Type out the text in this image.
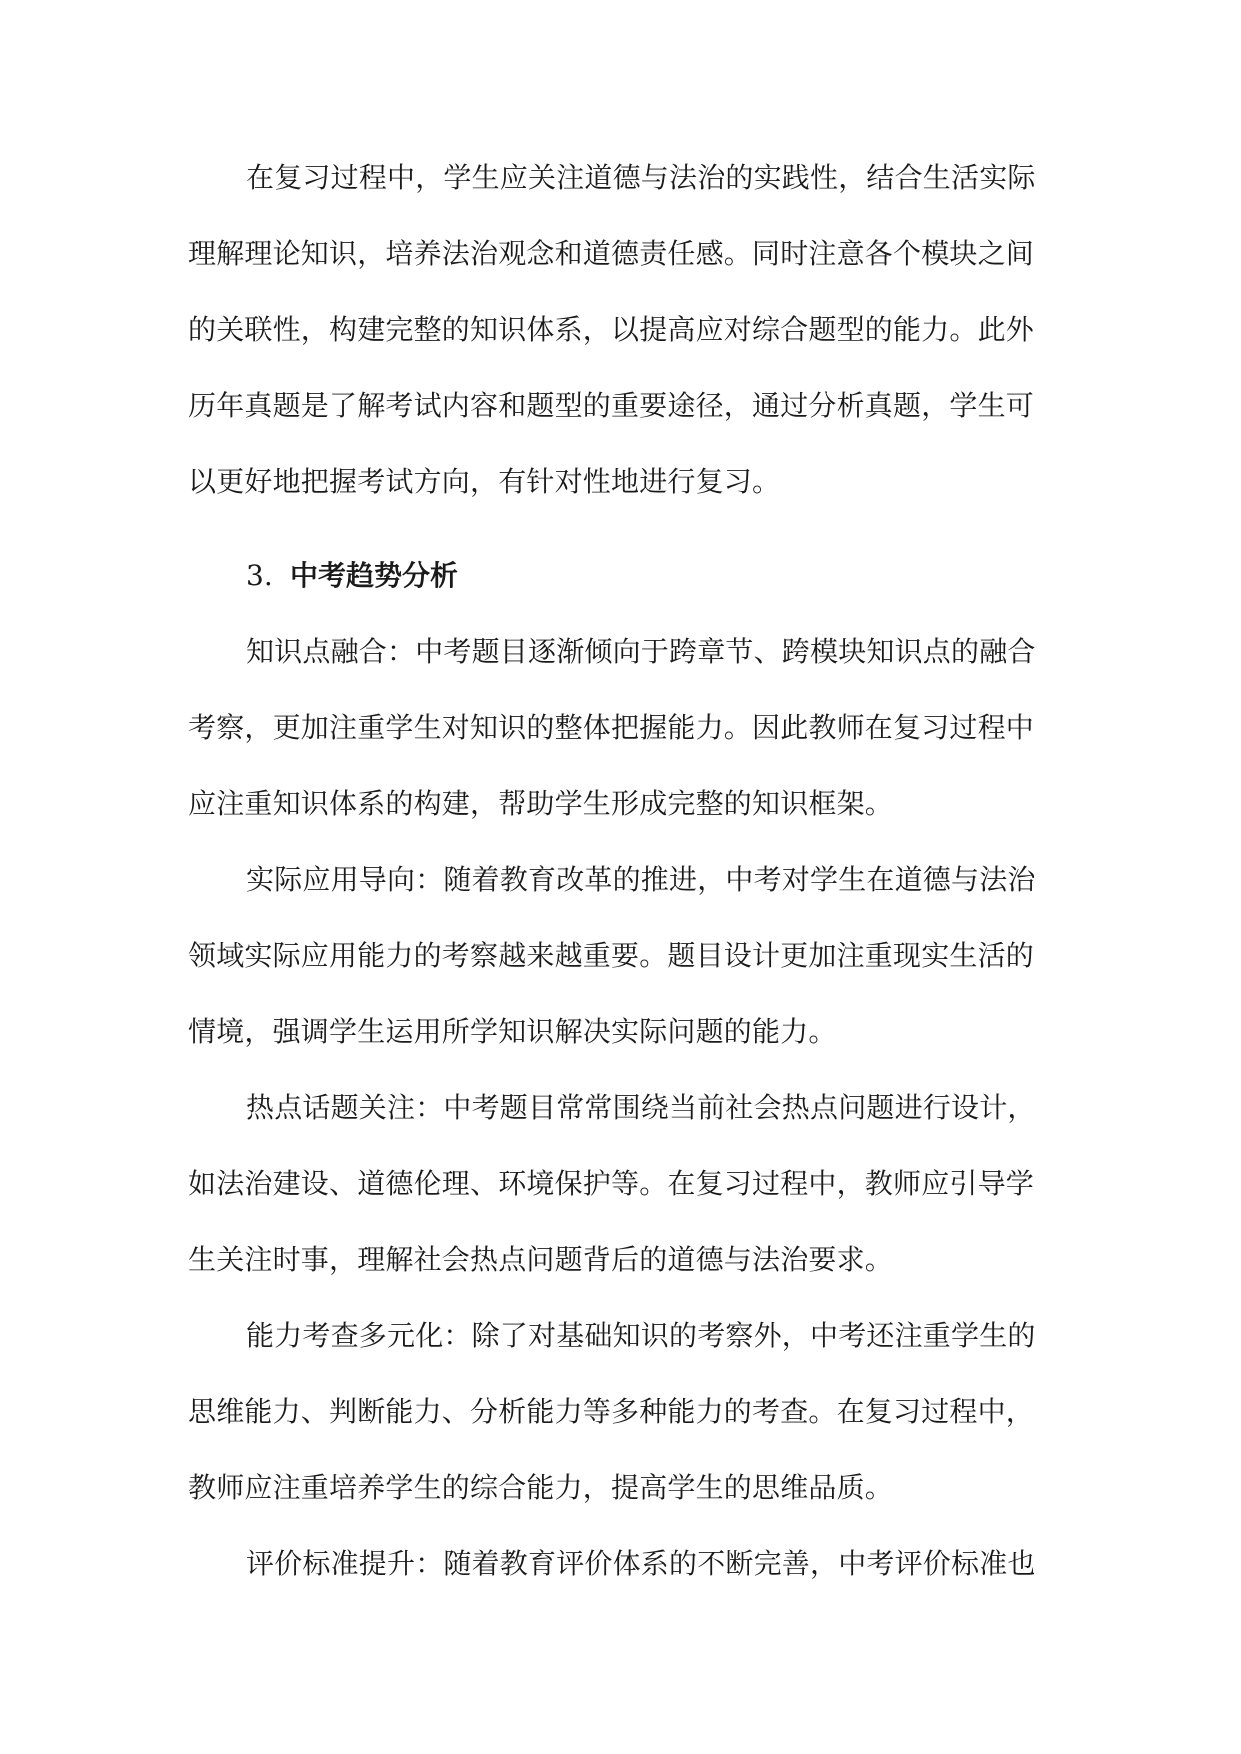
在复习过程中，学生应关注道德与法治的实践性，结合生活实际
理解理论知识，培养法治观念和道德责任感。同时注意各个模块之间
的关联性，构建完整的知识体系，以提高应对综合题型的能力。此外
历年真题是了解考试内容和题型的重要途径，通过分析真题，学生可
以更好地把握考试方向，有针对性地进行复习。

3. 中考趋势分析

知识点融合：中考题目逐渐倾向于跨章节、跨模块知识点的融合
考察，更加注重学生对知识的整体把握能力。因此教师在复习过程中
应注重知识体系的构建，帮助学生形成完整的知识框架。

实际应用导向：随着教育改革的推进，中考对学生在道德与法治
领域实际应用能力的考察越来越重要。题目设计更加注重现实生活的
情境，强调学生运用所学知识解决实际问题的能力。

热点话题关注：中考题目常常围绕当前社会热点问题进行设计，
如法治建设、道德伦理、环境保护等。在复习过程中，教师应引导学
生关注时事，理解社会热点问题背后的道德与法治要求。

能力考查多元化：除了对基础知识的考察外，中考还注重学生的
思维能力、判断能力、分析能力等多种能力的考查。在复习过程中，
教师应注重培养学生的综合能力，提高学生的思维品质。

评价标准提升：随着教育评价体系的不断完善，中考评价标准也
